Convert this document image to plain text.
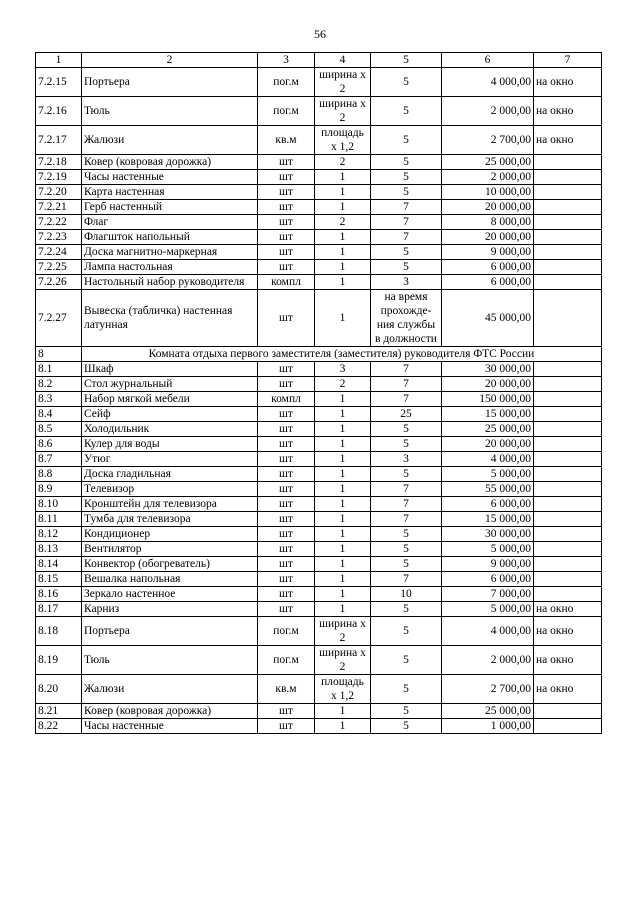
56
1	2	3	4	5	6	7
7.2.15	Портьера	пог.м	ширина х 2	5	4 000,00	на окно
7.2.16	Тюль	пог.м	ширина х 2	5	2 000,00	на окно
7.2.17	Жалюзи	кв.м	площадь х 1,2	5	2 700,00	на окно
7.2.18	Ковер (ковровая дорожка)	шт	2	5	25 000,00	
7.2.19	Часы настенные	шт	1	5	2 000,00	
7.2.20	Карта настенная	шт	1	5	10 000,00	
7.2.21	Герб настенный	шт	1	7	20 000,00	
7.2.22	Флаг	шт	2	7	8 000,00	
7.2.23	Флагшток напольный	шт	1	7	20 000,00	
7.2.24	Доска магнитно-маркерная	шт	1	5	9 000,00	
7.2.25	Лампа настольная	шт	1	5	6 000,00	
7.2.26	Настольный набор руководителя	компл	1	3	6 000,00	
7.2.27	Вывеска (табличка) настенная латунная	шт	1	на время прохожде-ния службы в должности	45 000,00	
8	Комната отдыха первого заместителя (заместителя) руководителя ФТС России					
8.1	Шкаф	шт	3	7	30 000,00	
8.2	Стол журнальный	шт	2	7	20 000,00	
8.3	Набор мягкой мебели	компл	1	7	150 000,00	
8.4	Сейф	шт	1	25	15 000,00	
8.5	Холодильник	шт	1	5	25 000,00	
8.6	Кулер для воды	шт	1	5	20 000,00	
8.7	Утюг	шт	1	3	4 000,00	
8.8	Доска гладильная	шт	1	5	5 000,00	
8.9	Телевизор	шт	1	7	55 000,00	
8.10	Кронштейн для телевизора	шт	1	7	6 000,00	
8.11	Тумба для телевизора	шт	1	7	15 000,00	
8.12	Кондиционер	шт	1	5	30 000,00	
8.13	Вентилятор	шт	1	5	5 000,00	
8.14	Конвектор (обогреватель)	шт	1	5	9 000,00	
8.15	Вешалка напольная	шт	1	7	6 000,00	
8.16	Зеркало настенное	шт	1	10	7 000,00	
8.17	Карниз	шт	1	5	5 000,00	на окно
8.18	Портьера	пог.м	ширина х 2	5	4 000,00	на окно
8.19	Тюль	пог.м	ширина х 2	5	2 000,00	на окно
8.20	Жалюзи	кв.м	площадь х 1,2	5	2 700,00	на окно
8.21	Ковер (ковровая дорожка)	шт	1	5	25 000,00	
8.22	Часы настенные	шт	1	5	1 000,00	
